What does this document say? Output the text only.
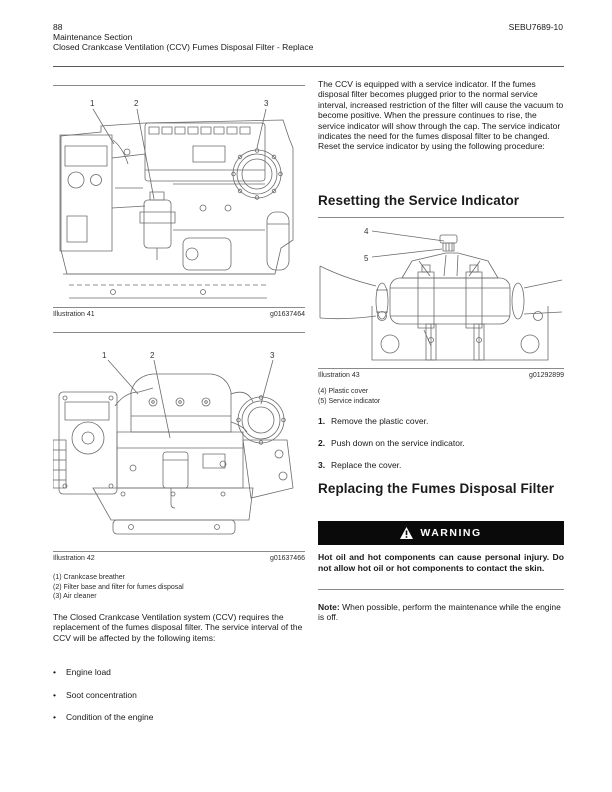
88
Maintenance Section
Closed Crankcase Ventilation (CCV) Fumes Disposal Filter - Replace
SEBU7689-10
1	2	3
Illustration 41	g01637464
1	2	3
Illustration 42	g01637466
(1) Crankcase breather
(2) Filter base and filter for fumes disposal
(3) Air cleaner
The Closed Crankcase Ventilation system (CCV) requires the replacement of the fumes disposal filter. The service interval of the CCV will be affected by the following items:
•	Engine load
•	Soot concentration
•	Condition of the engine
The CCV is equipped with a service indicator. If the fumes disposal filter becomes plugged prior to the normal service interval, increased restriction of the filter will cause the vacuum to become positive. When the pressure continues to rise, the service indicator will show through the cap. The service indicator indicates the need for the fumes disposal filter to be changed. Reset the service indicator by using the following procedure:
Resetting the Service Indicator
4
5
Illustration 43	g01292899
(4) Plastic cover
(5) Service indicator
1. Remove the plastic cover.
2. Push down on the service indicator.
3. Replace the cover.
Replacing the Fumes Disposal Filter
WARNING
Hot oil and hot components can cause personal injury. Do not allow hot oil or hot components to contact the skin.
Note: When possible, perform the maintenance while the engine is off.
